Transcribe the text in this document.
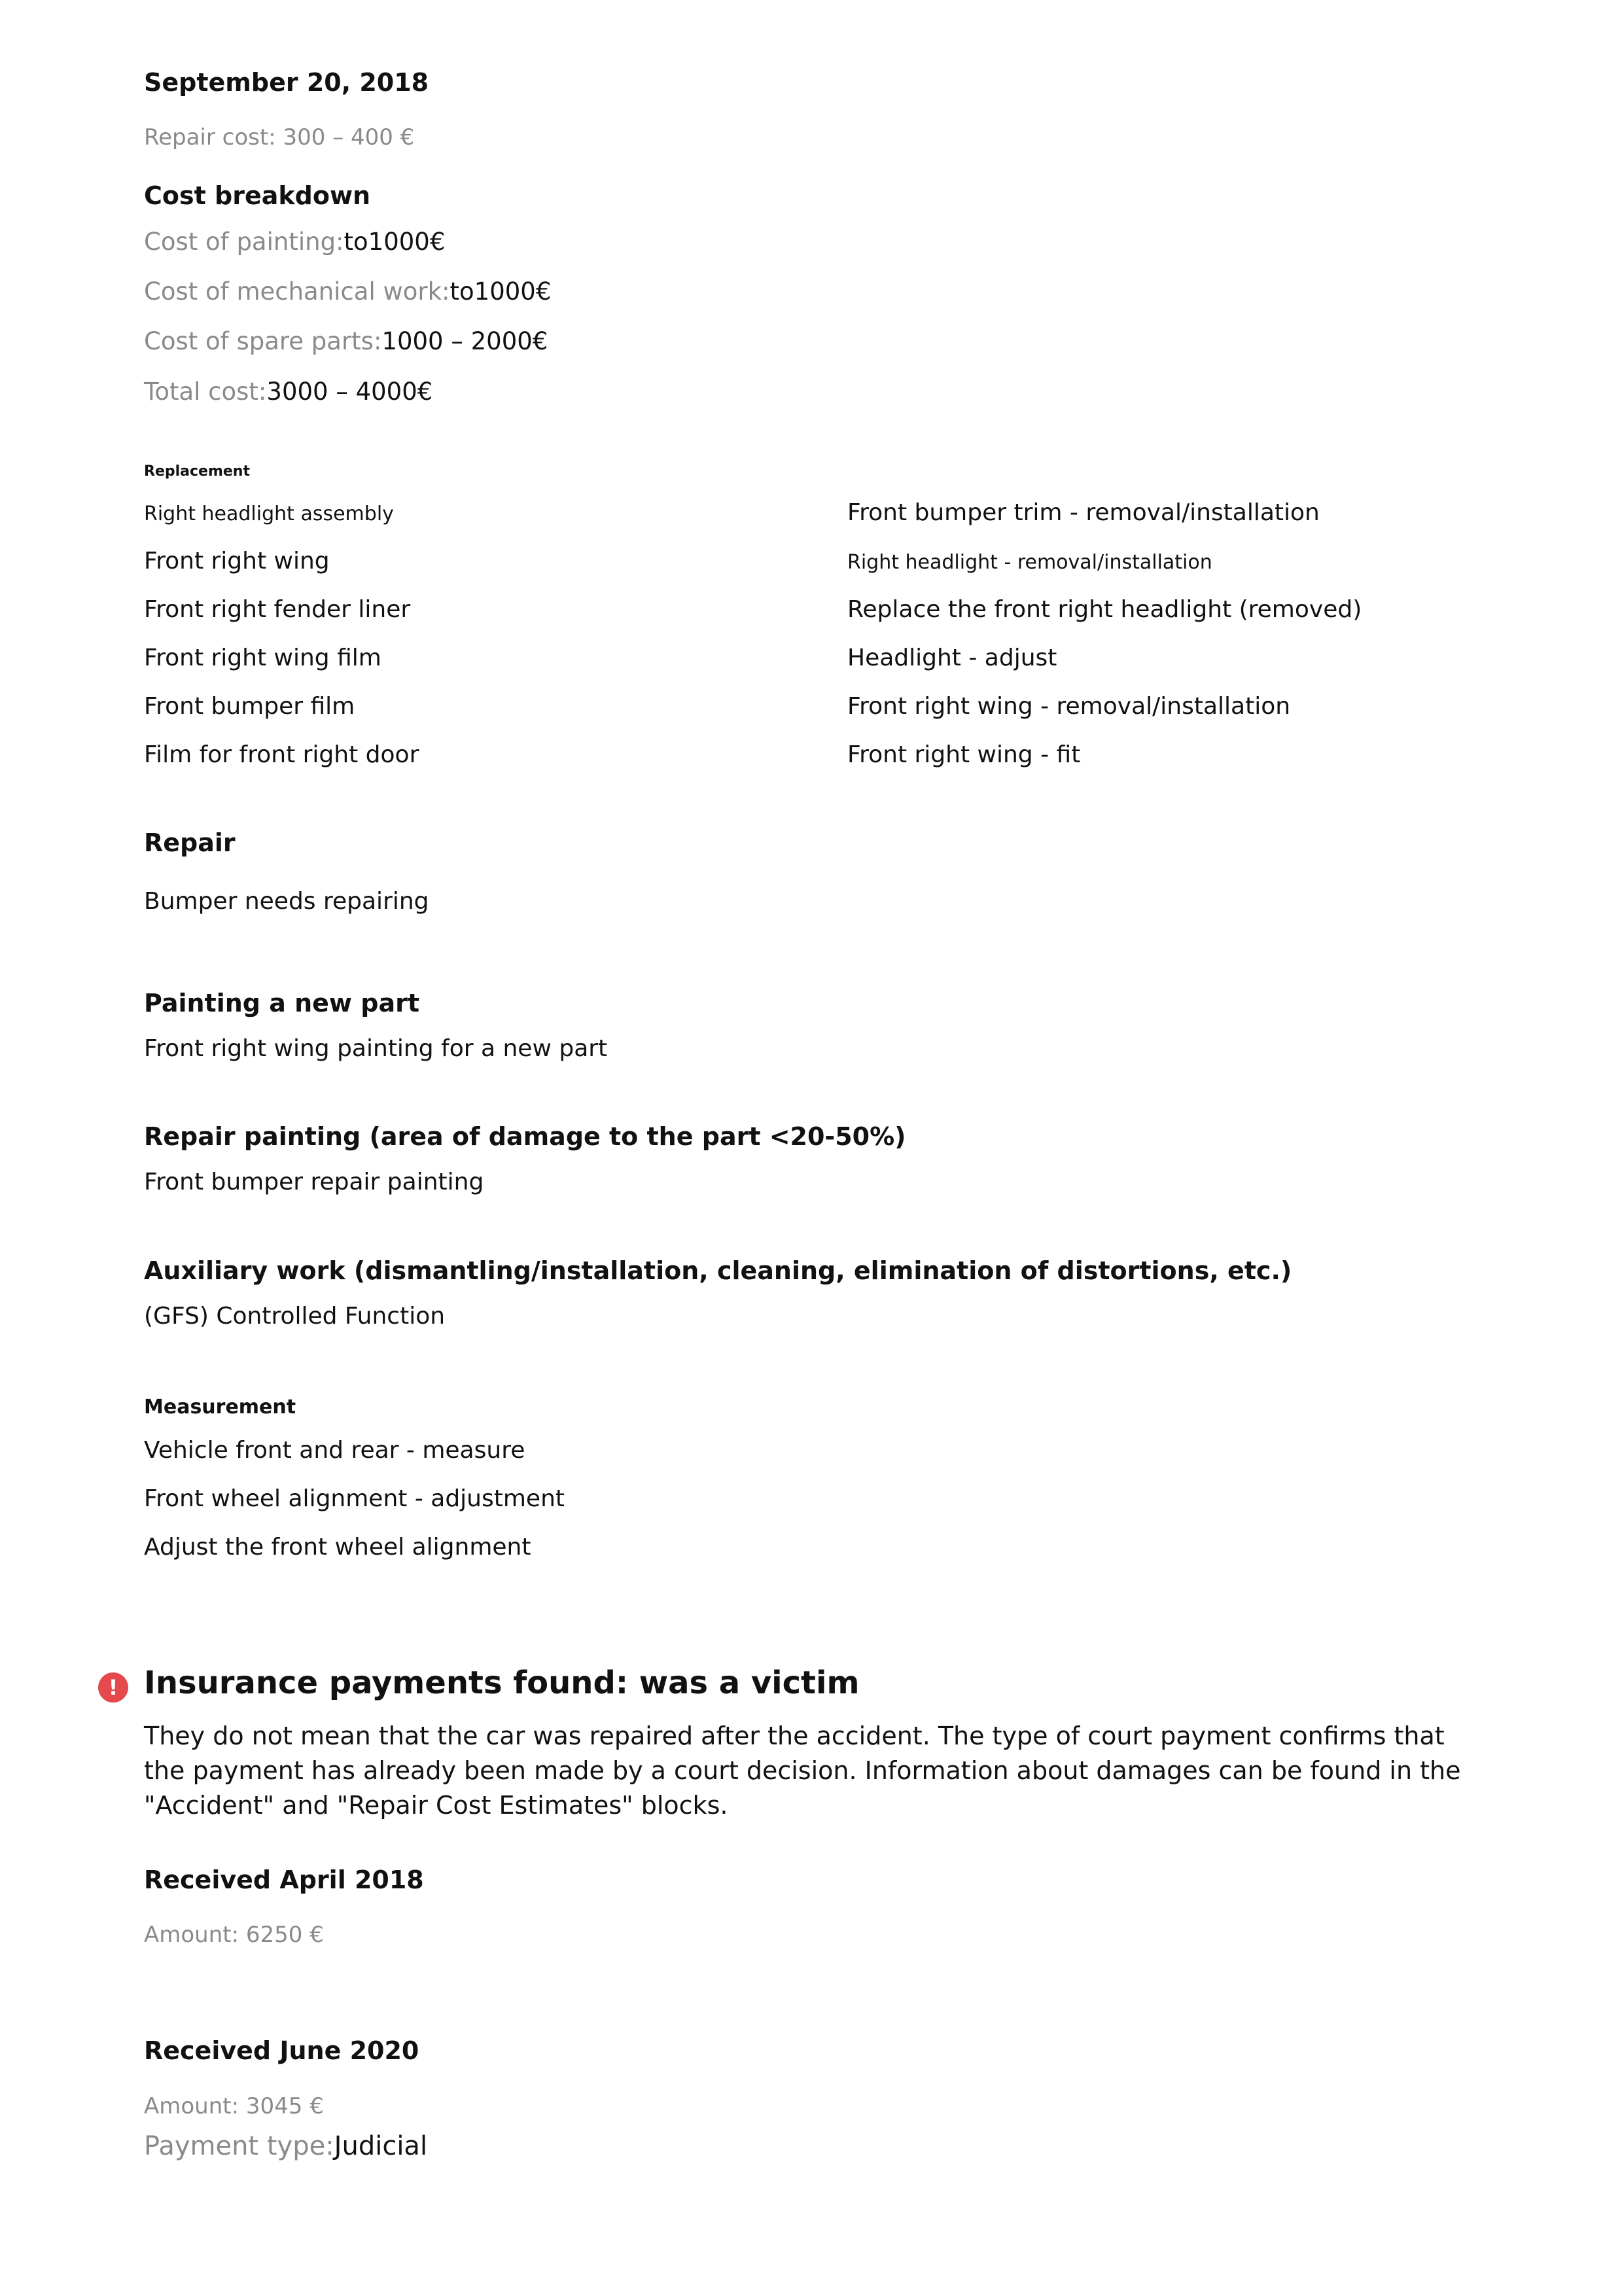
September 20, 2018
Repair cost: 300 – 400 €
Cost breakdown
Cost of painting:to1000€
Cost of mechanical work:to1000€
Cost of spare parts:1000 – 2000€
Total cost:3000 – 4000€
Replacement
Right headlight assembly
Front right wing
Front right fender liner
Front right wing film
Front bumper film
Film for front right door
Front bumper trim - removal/installation
Right headlight - removal/installation
Replace the front right headlight (removed)
Headlight - adjust
Front right wing - removal/installation
Front right wing - fit
Repair
Bumper needs repairing
Painting a new part
Front right wing painting for a new part
Repair painting (area of damage to the part <20-50%)
Front bumper repair painting
Auxiliary work (dismantling/installation, cleaning, elimination of distortions, etc.)
(GFS) Controlled Function
Measurement
Vehicle front and rear - measure
Front wheel alignment - adjustment
Adjust the front wheel alignment
! Insurance payments found: was a victim
They do not mean that the car was repaired after the accident. The type of court payment confirms that the payment has already been made by a court decision. Information about damages can be found in the "Accident" and "Repair Cost Estimates" blocks.
Received April 2018
Amount: 6250 €
Received June 2020
Amount: 3045 €
Payment type:Judicial
